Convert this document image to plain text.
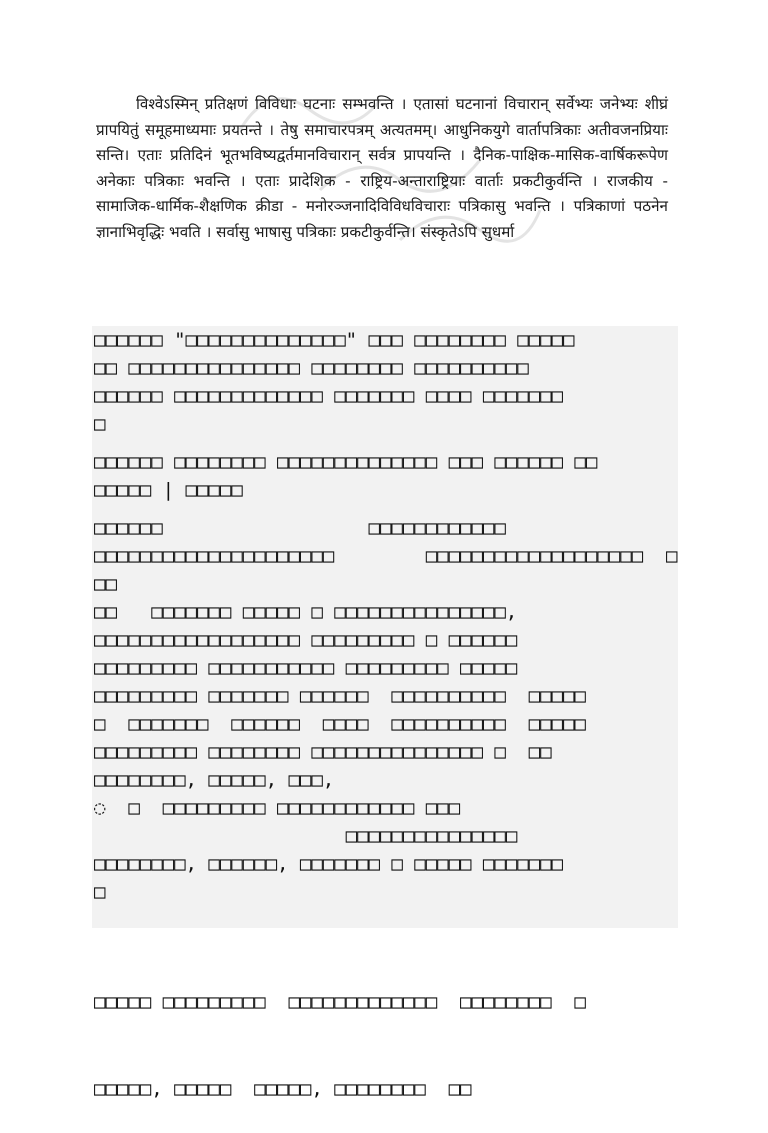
विश्वेऽस्मिन् प्रतिक्षणं विविधाः घटनाः सम्भवन्ति । एतासां घटनानां विचारान् सर्वेभ्यः जनेभ्यः शीघ्रं प्रापयितुं समूहमाध्यमाः प्रयतन्ते । तेषु समाचारपत्रम् अत्यतमम्। आधुनिकयुगे वार्तापत्रिकाः अतीवजनप्रियाः सन्ति। एताः प्रतिदिनं भूतभविष्यद्वर्तमानविचारान् सर्वत्र प्रापयन्ति । दैनिक-पाक्षिक-मासिक-वार्षिकरूपेण अनेकाः पत्रिकाः भवन्ति । एताः प्रादेशिक - राष्ट्रिय-अन्ताराष्ट्रियाः वार्ताः प्रकटीकुर्वन्ति । राजकीय - सामाजिक-धार्मिक-शैक्षणिक क्रीडा - मनोरञ्जनादिविविधविचाराः पत्रिकासु भवन्ति । पत्रिकाणां पठनेन ज्ञानाभिवृद्धिः भवति । सर्वासु भाषासु पत्रिकाः प्रकटीकुर्वन्ति। संस्कृतेऽपि सुधर्मा

□□□□□□ "□□□□□□□□□□□□□□" □□□ □□□□□□□□ □□□□□

□□ □□□□□□□□□□□□□□□ □□□□□□□□ □□□□□□□□□□

□□□□□□ □□□□□□□□□□□□□ □□□□□□□ □□□□ □□□□□□□

□

□□□□□□ □□□□□□□□ □□□□□□□□□□□□□□ □□□ □□□□□□ □□

□□□□□ | □□□□□

□□□□□□                  □□□□□□□□□□□□

□□□□□□□□□□□□□□□□□□□□□        □□□□□□□□□□□□□□□□□□□  □ □□

□□   □□□□□□□ □□□□□ □ □□□□□□□□□□□□□□□,

□□□□□□□□□□□□□□□□□□ □□□□□□□□□ □ □□□□□□

□□□□□□□□□ □□□□□□□□□□□ □□□□□□□□□ □□□□□

□□□□□□□□□ □□□□□□□ □□□□□□  □□□□□□□□□□  □□□□□

□  □□□□□□□  □□□□□□  □□□□  □□□□□□□□□□  □□□□□

□□□□□□□□□ □□□□□□□□ □□□□□□□□□□□□□□□ □  □□

□□□□□□□□, □□□□□, □□□,

◌  □  □□□□□□□□□ □□□□□□□□□□□□ □□□

□□□□□□□□□□□□□□□

□□□□□□□□, □□□□□□, □□□□□□□ □ □□□□□ □□□□□□□

□

□□□□□ □□□□□□□□□  □□□□□□□□□□□□□  □□□□□□□□  □

□□□□□, □□□□□  □□□□□, □□□□□□□□  □□
